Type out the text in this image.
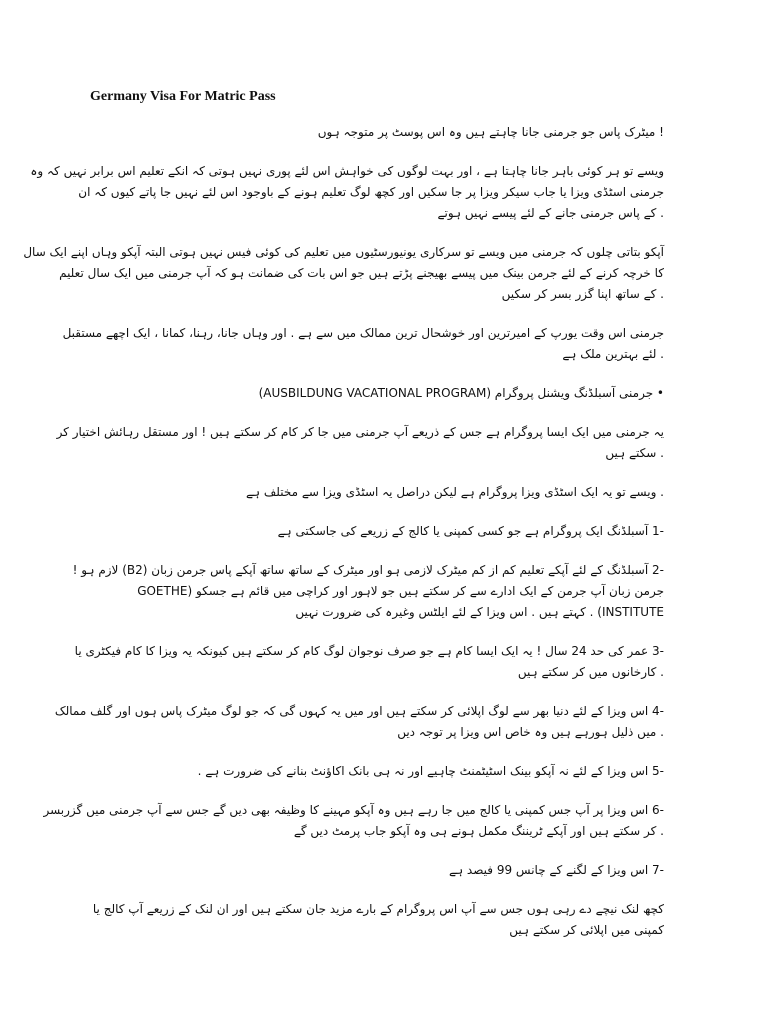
Germany Visa For Matric Pass
! میٹرک پاس جو جرمنی جانا چاہتے ہیں وہ اس پوسٹ پر متوجہ ہوں
ویسے تو ہر کوئی باہر جانا چاہتا ہے ، اور بہت لوگوں کی خواہش اس لئے پوری نہیں ہوتی کہ انکے تعلیم اس برابر نہیں کہ وہ
جرمنی اسٹڈی ویزا یا جاب سیکر ویزا پر جا سکیں اور کچھ لوگ تعلیم ہونے کے باوجود اس لئے نہیں جا پاتے کیوں کہ ان
. کے پاس جرمنی جانے کے لئے پیسے نہیں ہوتے
آپکو بتاتی چلوں کہ جرمنی میں ویسے تو سرکاری یونیورسٹیوں میں تعلیم کی کوئی فیس نہیں ہوتی البتہ آپکو وہاں اپنے ایک سال
کا خرچہ کرنے کے لئے جرمن بینک میں پیسے بھیجنے پڑتے ہیں جو اس بات کی ضمانت ہو کہ آپ جرمنی میں ایک سال تعلیم
. کے ساتھ اپنا گزر بسر کر سکیں
جرمنی اس وقت یورپ کے امیرترین اور خوشحال ترین ممالک میں سے ہے . اور وہاں جانا، رہنا، کمانا ، ایک اچھے مستقبل
. لئے بہترین ملک ہے
• جرمنی آسبلڈنگ ویشنل پروگرام (AUSBILDUNG VACATIONAL PROGRAM)
یہ جرمنی میں ایک ایسا پروگرام ہے جس کے ذریعے آپ جرمنی میں جا کر کام کر سکتے ہیں ! اور مستقل رہائش اختیار کر
. سکتے ہیں
. ویسے تو یہ ایک اسٹڈی ویزا پروگرام ہے لیکن دراصل یہ اسٹڈی ویزا سے مختلف ہے
-1 آسبلڈنگ ایک پروگرام ہے جو کسی کمپنی یا کالج کے زریعے کی جاسکتی ہے
-2 آسبلڈنگ کے لئے آپکے تعلیم کم از کم میٹرک لازمی ہو اور میٹرک کے ساتھ ساتھ آپکے پاس جرمن زبان (B2) لازم ہو !
جرمن زبان آپ جرمن کے ایک ادارے سے کر سکتے ہیں جو لاہور اور کراچی میں قائم ہے جسکو (GOETHE
INSTITUTE) . کہتے ہیں . اس ویزا کے لئے ایلٹس وغیرہ کی ضرورت نہیں
-3 عمر کی حد 24 سال ! یہ ایک ایسا کام ہے جو صرف نوجوان لوگ کام کر سکتے ہیں کیونکہ یہ ویزا کا کام فیکٹری یا
. کارخانوں میں کر سکتے ہیں
-4 اس ویزا کے لئے دنیا بھر سے لوگ اپلائی کر سکتے ہیں اور میں یہ کہوں گی کہ جو لوگ میٹرک پاس ہوں اور گلف ممالک
. میں ذلیل ہورہے ہیں وہ خاص اس ویزا پر توجہ دیں
-5 اس ویزا کے لئے نہ آپکو بینک اسٹیٹمنٹ چاہیے اور نہ ہی بانک اکاؤنٹ بنانے کی ضرورت ہے .
-6 اس ویزا پر آپ جس کمپنی یا کالج میں جا رہے ہیں وہ آپکو مہینے کا وظیفہ بھی دیں گے جس سے آپ جرمنی میں گزربسر
. کر سکتے ہیں اور آپکے ٹریننگ مکمل ہونے ہی وہ آپکو جاب پرمٹ دیں گے
-7 اس ویزا کے لگنے کے چانس 99 فیصد ہے
کچھ لنک نیچے دے رہی ہوں جس سے آپ اس پروگرام کے بارے مزید جان سکتے ہیں اور ان لنک کے زریعے آپ کالج یا
کمپنی میں اپلائی کر سکتے ہیں
